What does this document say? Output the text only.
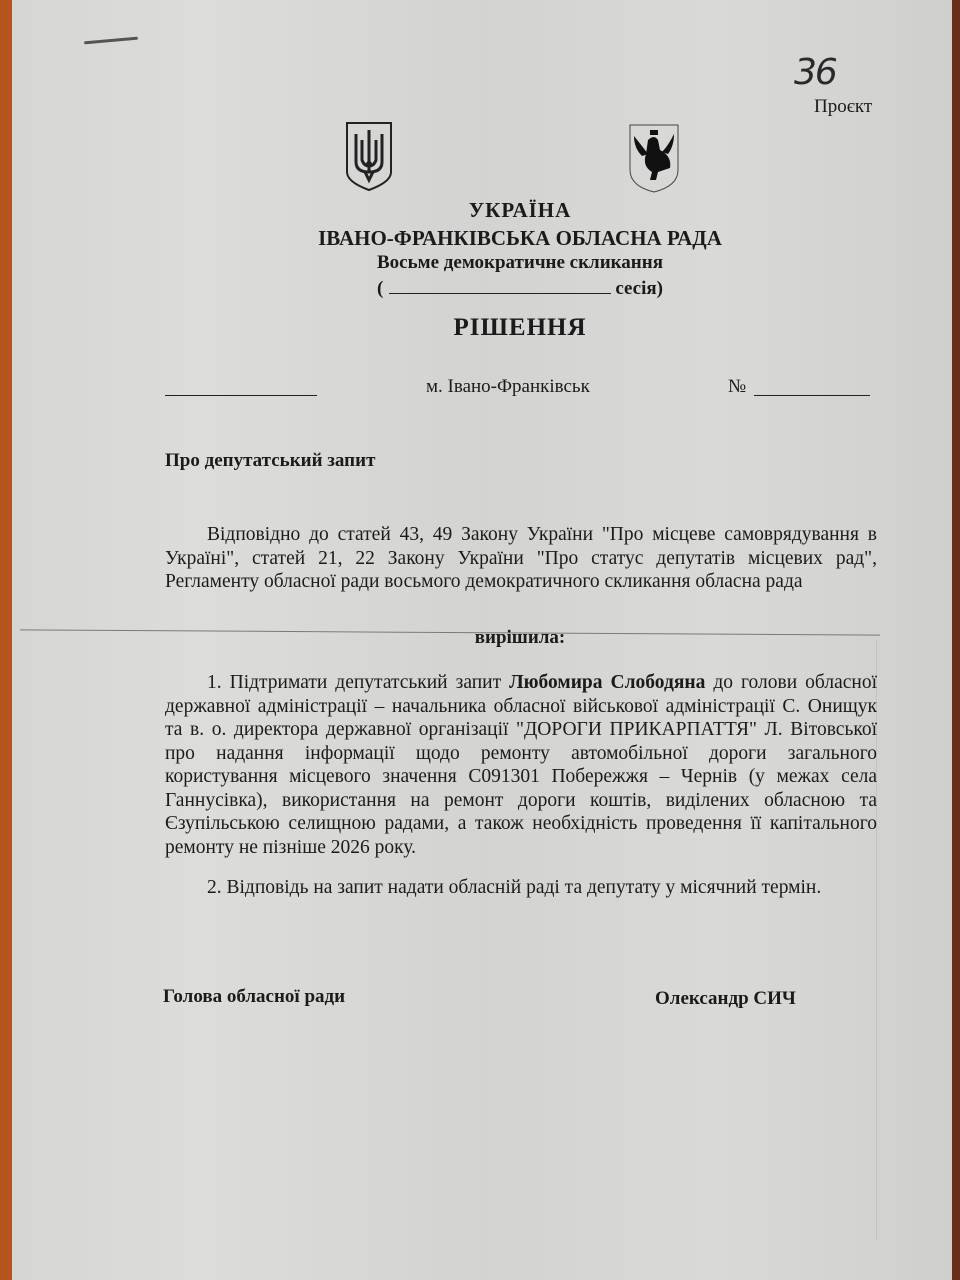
36
Проєкт
УКРАЇНА
ІВАНО-ФРАНКІВСЬКА ОБЛАСНА РАДА
Восьме демократичне скликання
(	сесія)
РІШЕННЯ
м. Івано-Франківськ	№
Про депутатський запит
Відповідно до статей 43, 49 Закону України "Про місцеве самоврядування в Україні", статей 21, 22 Закону України "Про статус депутатів місцевих рад", Регламенту обласної ради восьмого демократичного скликання обласна рада
вирішила:
1. Підтримати депутатський запит Любомира Слободяна до голови обласної державної адміністрації – начальника обласної військової адміністрації С. Онищук та в. о. директора державної організації "ДОРОГИ ПРИКАРПАТТЯ" Л. Вітовської про надання інформації щодо ремонту автомобільної дороги загального користування місцевого значення С091301 Побережжя – Чернів (у межах села Ганнусівка), використання на ремонт дороги коштів, виділених обласною та Єзупільською селищною радами, а також необхідність проведення її капітального ремонту не пізніше 2026 року.
2. Відповідь на запит надати обласній раді та депутату у місячний термін.
Голова обласної ради	Олександр СИЧ
